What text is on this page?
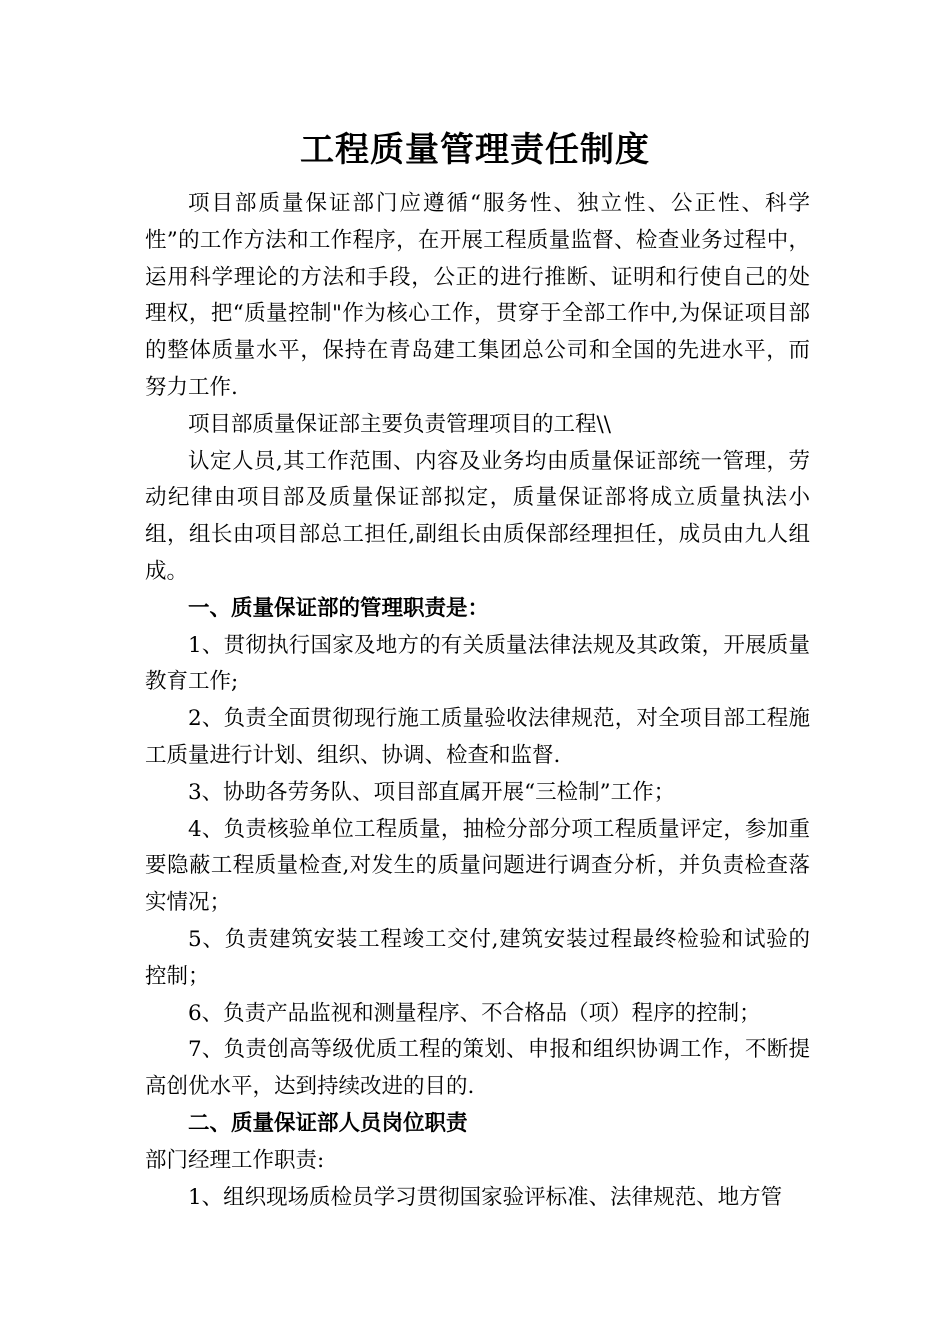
工程质量管理责任制度

项目部质量保证部门应遵循“服务性、独立性、公正性、科学性”的工作方法和工作程序，在开展工程质量监督、检查业务过程中，运用科学理论的方法和手段，公正的进行推断、证明和行使自己的处理权，把“质量控制"作为核心工作，贯穿于全部工作中,为保证项目部的整体质量水平，保持在青岛建工集团总公司和全国的先进水平，而努力工作.

项目部质量保证部主要负责管理项目的工程\\

认定人员,其工作范围、内容及业务均由质量保证部统一管理，劳动纪律由项目部及质量保证部拟定，质量保证部将成立质量执法小组，组长由项目部总工担任,副组长由质保部经理担任，成员由九人组成。

一、质量保证部的管理职责是：

1、贯彻执行国家及地方的有关质量法律法规及其政策，开展质量教育工作;

2、负责全面贯彻现行施工质量验收法律规范，对全项目部工程施工质量进行计划、组织、协调、检查和监督.

3、协助各劳务队、项目部直属开展“三检制”工作；

4、负责核验单位工程质量，抽检分部分项工程质量评定，参加重要隐蔽工程质量检查,对发生的质量问题进行调查分析，并负责检查落实情况；

5、负责建筑安装工程竣工交付,建筑安装过程最终检验和试验的控制；

6、负责产品监视和测量程序、不合格品（项）程序的控制；

7、负责创高等级优质工程的策划、申报和组织协调工作，不断提高创优水平，达到持续改进的目的.

二、质量保证部人员岗位职责

部门经理工作职责:

1、组织现场质检员学习贯彻国家验评标准、法律规范、地方管
